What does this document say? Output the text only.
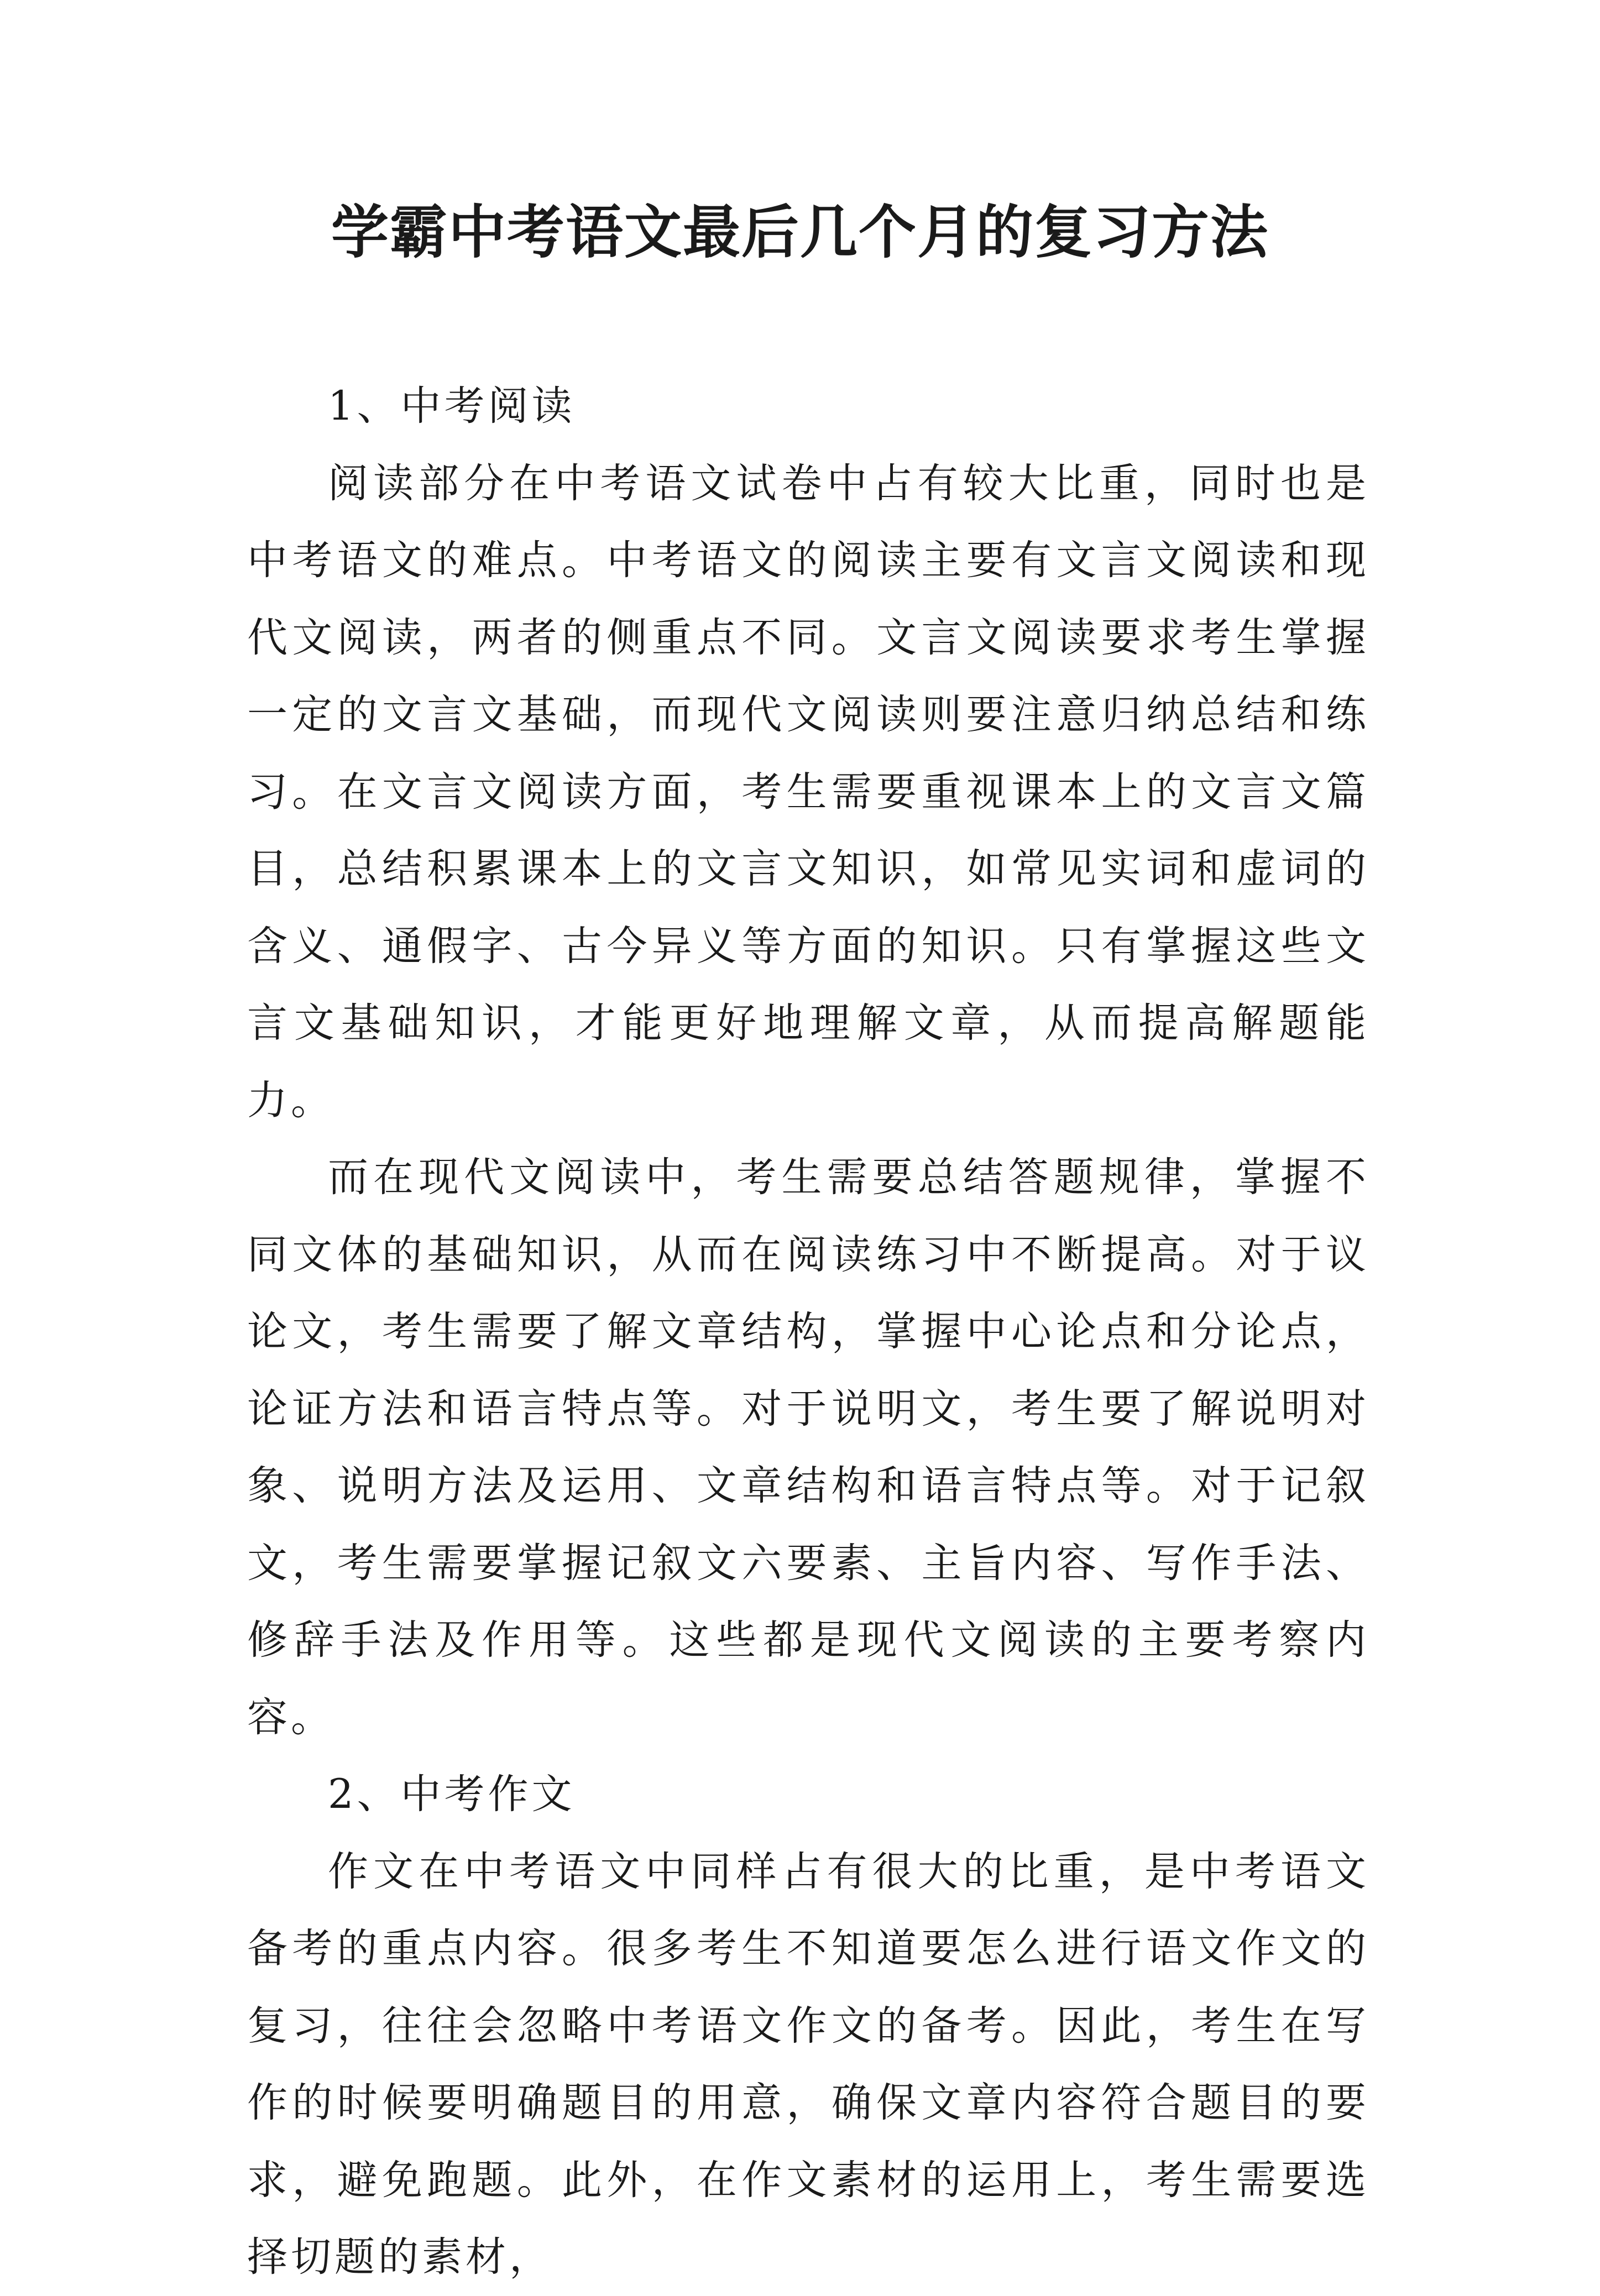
学霸中考语文最后几个月的复习方法

1、中考阅读

阅读部分在中考语文试卷中占有较大比重，同时也是中考语文的难点。中考语文的阅读主要有文言文阅读和现代文阅读，两者的侧重点不同。文言文阅读要求考生掌握一定的文言文基础，而现代文阅读则要注意归纳总结和练习。在文言文阅读方面，考生需要重视课本上的文言文篇目，总结积累课本上的文言文知识，如常见实词和虚词的含义、通假字、古今异义等方面的知识。只有掌握这些文言文基础知识，才能更好地理解文章，从而提高解题能力。

而在现代文阅读中，考生需要总结答题规律，掌握不同文体的基础知识，从而在阅读练习中不断提高。对于议论文，考生需要了解文章结构，掌握中心论点和分论点，论证方法和语言特点等。对于说明文，考生要了解说明对象、说明方法及运用、文章结构和语言特点等。对于记叙文，考生需要掌握记叙文六要素、主旨内容、写作手法、修辞手法及作用等。这些都是现代文阅读的主要考察内容。

2、中考作文

作文在中考语文中同样占有很大的比重，是中考语文备考的重点内容。很多考生不知道要怎么进行语文作文的复习，往往会忽略中考语文作文的备考。因此，考生在写作的时候要明确题目的用意，确保文章内容符合题目的要求，避免跑题。此外，在作文素材的运用上，考生需要选择切题的素材，
